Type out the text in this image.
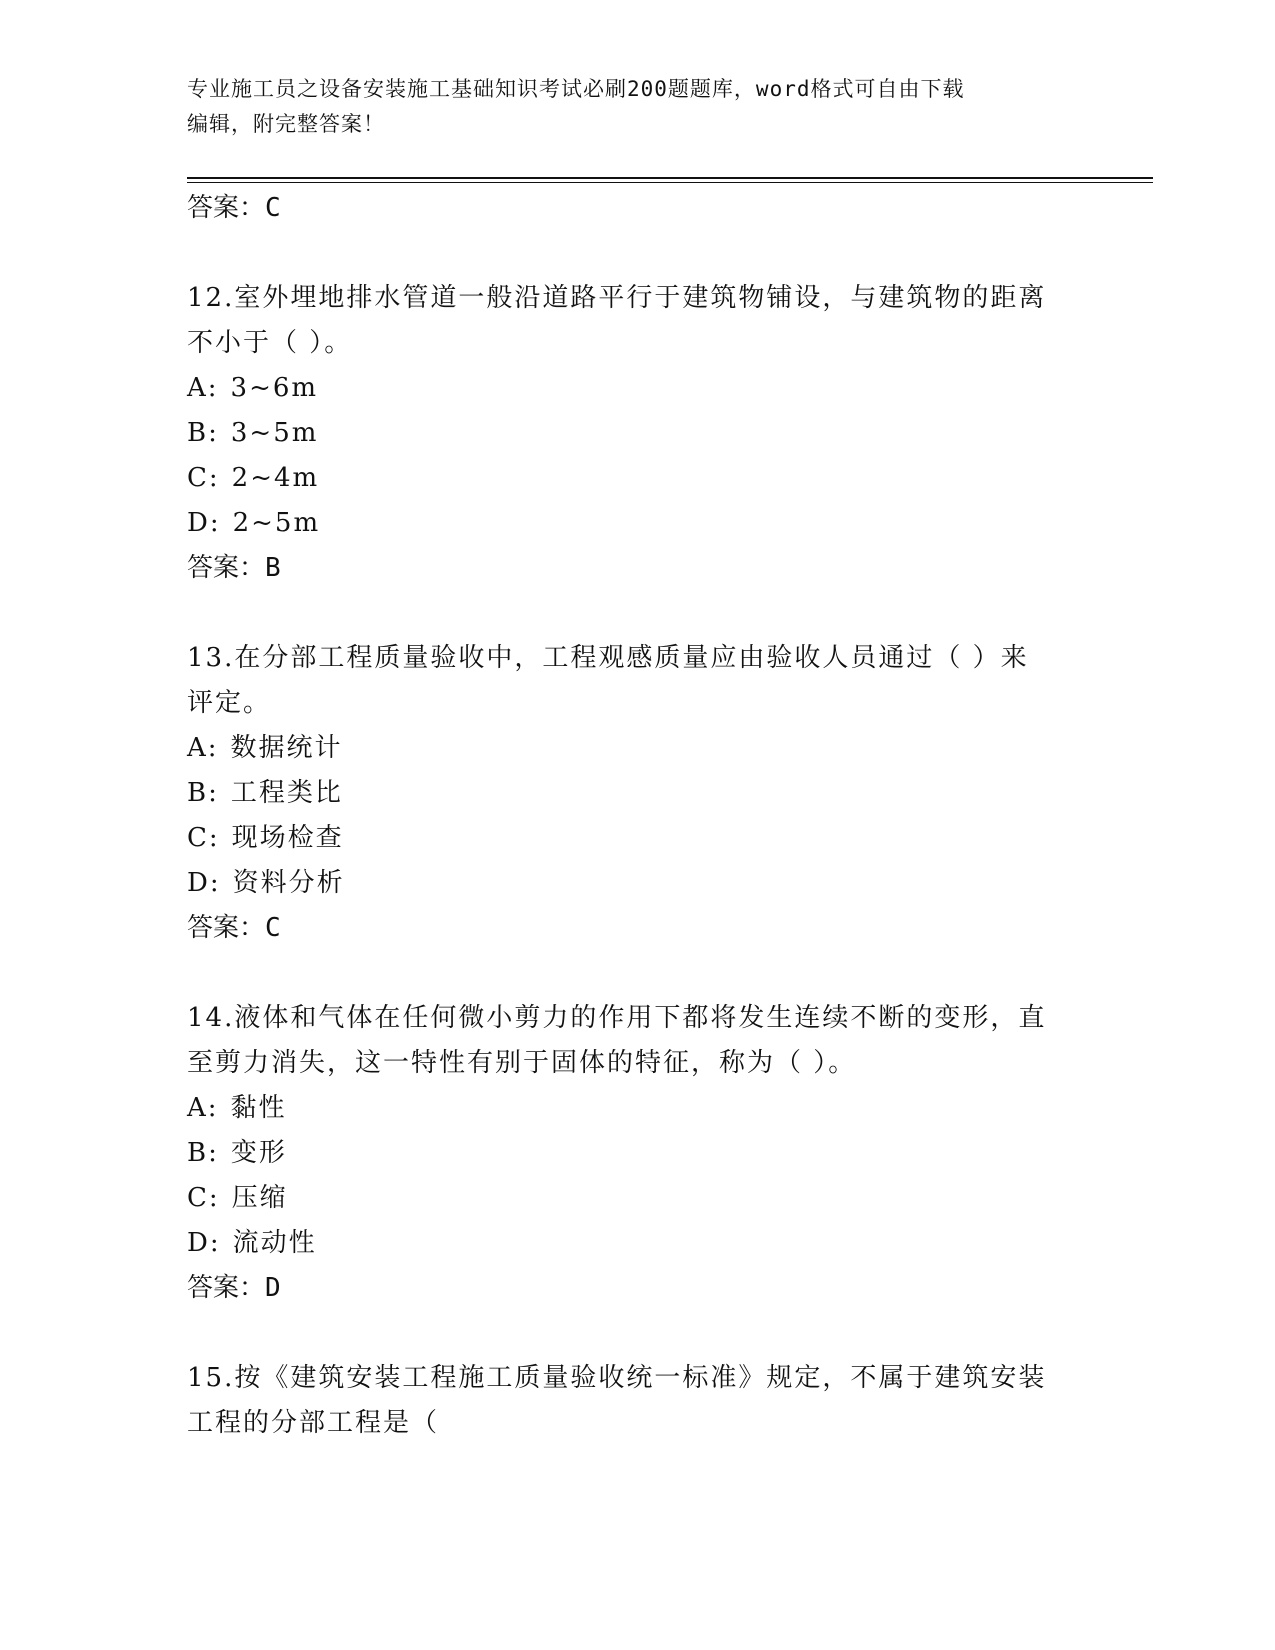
专业施工员之设备安装施工基础知识考试必刷200题题库，word格式可自由下载
编辑，附完整答案！
答案：C
12.室外埋地排水管道一般沿道路平行于建筑物铺设，与建筑物的距离
不小于（ ）。
A: 3~6m
B: 3~5m
C: 2~4m
D: 2~5m
答案：B
13.在分部工程质量验收中，工程观感质量应由验收人员通过（ ）来
评定。
A: 数据统计
B: 工程类比
C: 现场检查
D: 资料分析
答案：C
14.液体和气体在任何微小剪力的作用下都将发生连续不断的变形，直
至剪力消失，这一特性有别于固体的特征，称为（ ）。
A: 黏性
B: 变形
C: 压缩
D: 流动性
答案：D
15.按《建筑安装工程施工质量验收统一标准》规定，不属于建筑安装
工程的分部工程是（
